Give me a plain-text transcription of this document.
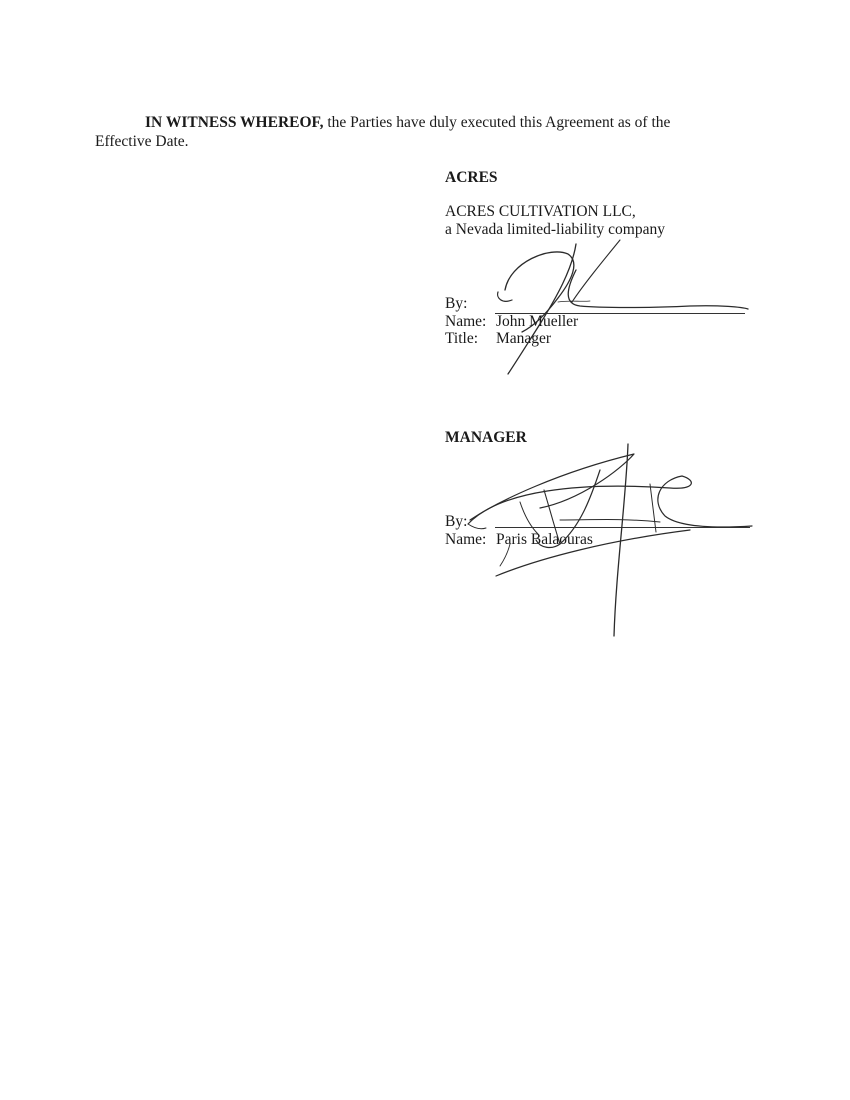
IN WITNESS WHEREOF, the Parties have duly executed this Agreement as of the
Effective Date.
ACRES
ACRES CULTIVATION LLC,
a Nevada limited-liability company
By:
Name: John Mueller
Title: Manager
MANAGER
By:
Name: Paris Balaouras
